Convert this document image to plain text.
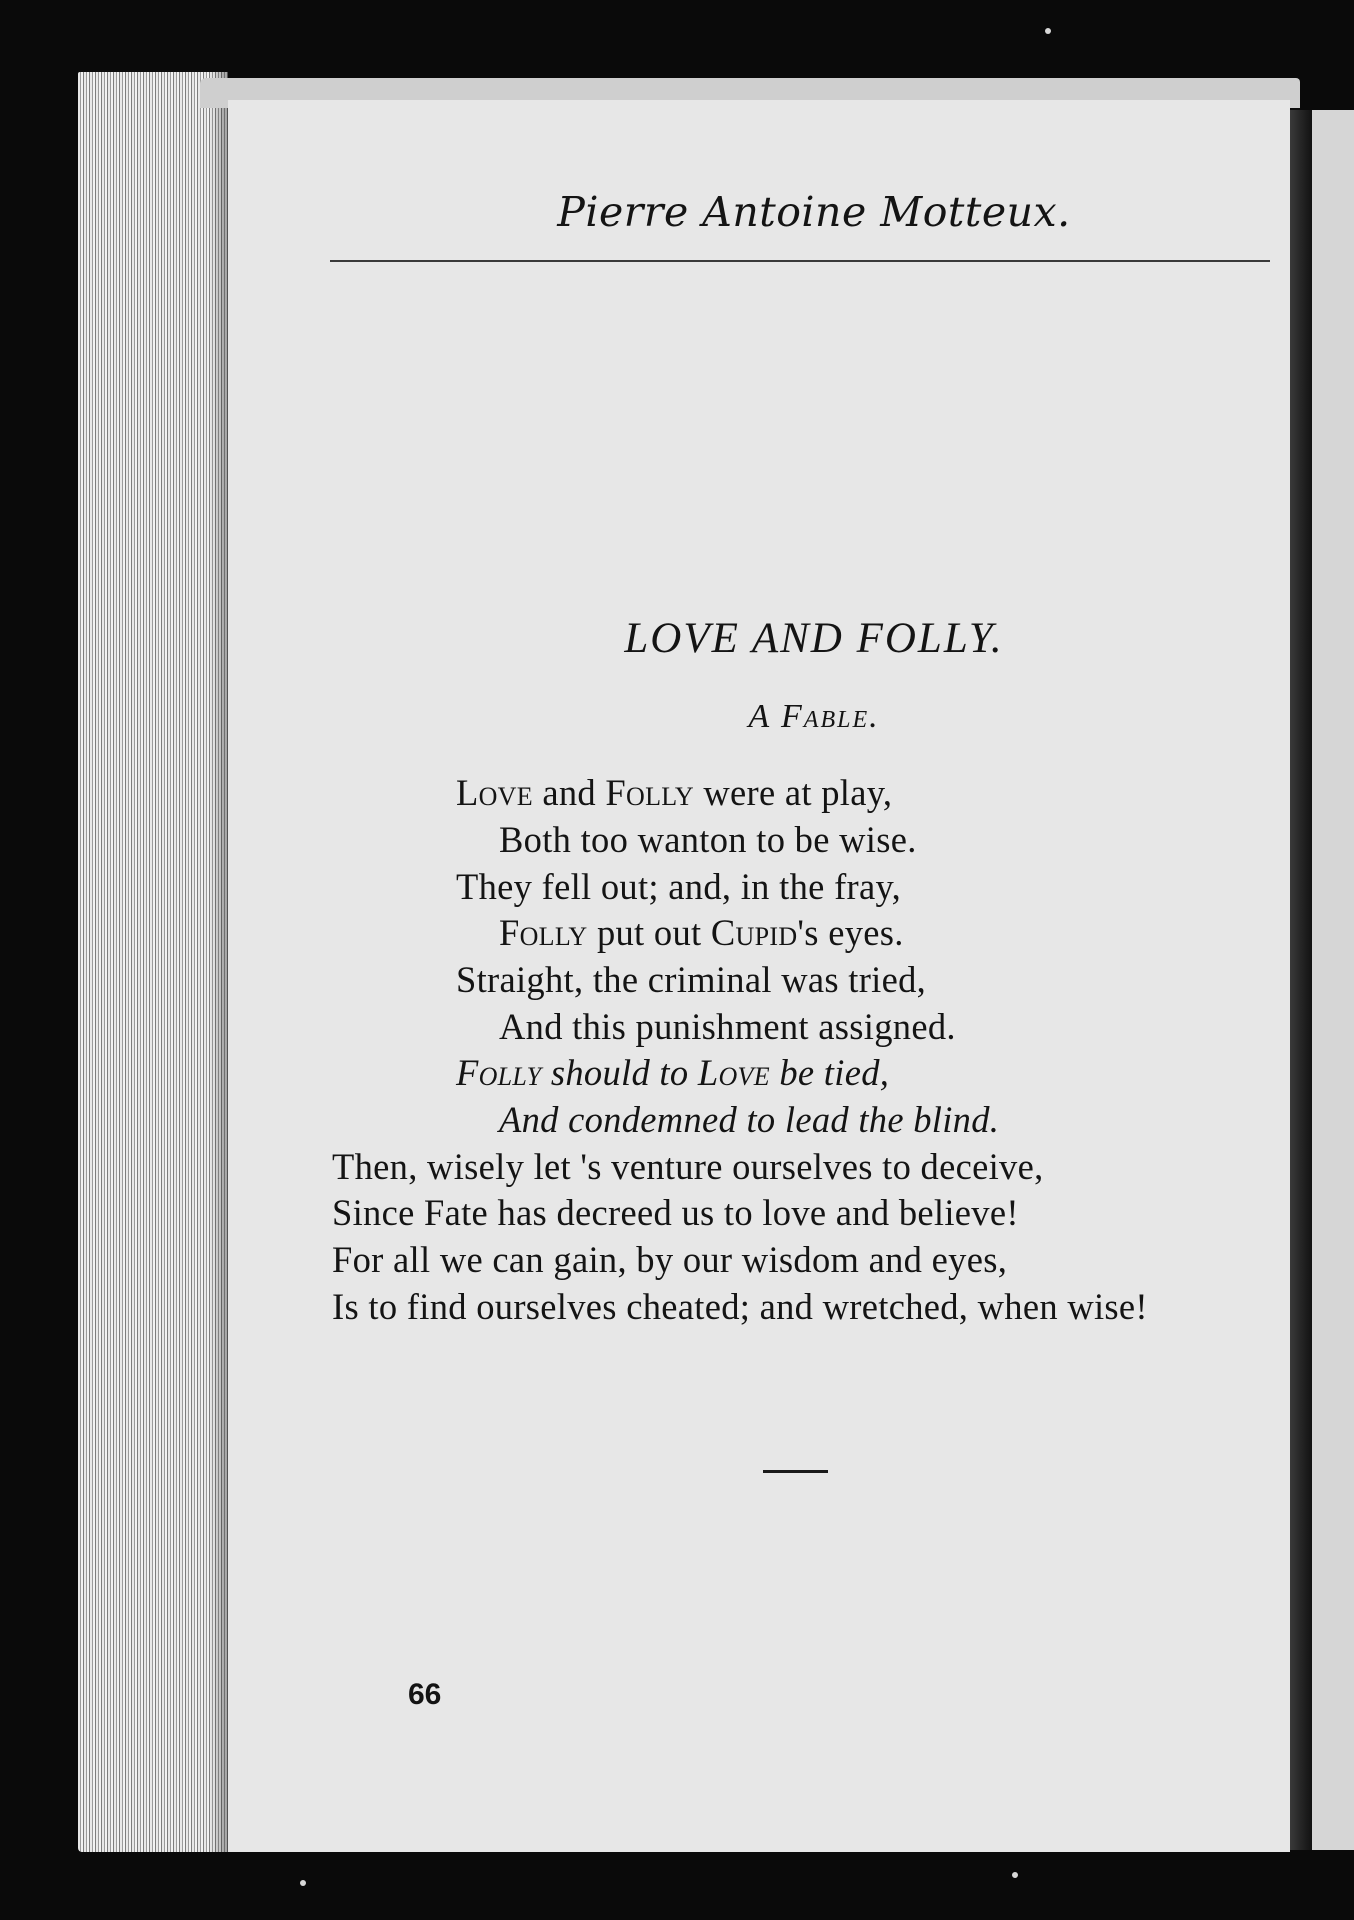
Pierre Antoine Motteux.
LOVE AND FOLLY.
A Fable.
Love and Folly were at play,
Both too wanton to be wise.
They fell out; and, in the fray,
Folly put out Cupid's eyes.
Straight, the criminal was tried,
And this punishment assigned.
Folly should to Love be tied,
And condemned to lead the blind.
Then, wisely let 's venture ourselves to deceive,
Since Fate has decreed us to love and believe!
For all we can gain, by our wisdom and eyes,
Is to find ourselves cheated; and wretched, when wise!
66
